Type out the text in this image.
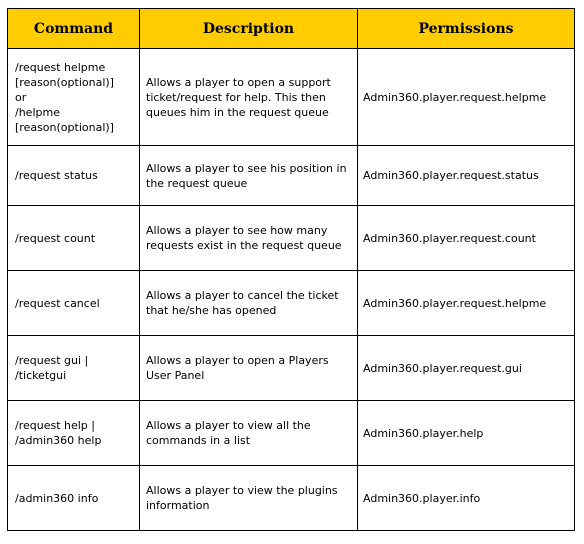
Command	Description	Permissions
/request helpme
[reason(optional)]
or
/helpme
[reason(optional)]	Allows a player to open a support
ticket/request for help. This then
queues him in the request queue	Admin360.player.request.helpme
/request status	Allows a player to see his position in
the request queue	Admin360.player.request.status
/request count	Allows a player to see how many
requests exist in the request queue	Admin360.player.request.count
/request cancel	Allows a player to cancel the ticket
that he/she has opened	Admin360.player.request.helpme
/request gui |
/ticketgui	Allows a player to open a Players
User Panel	Admin360.player.request.gui
/request help |
/admin360 help	Allows a player to view all the
commands in a list	Admin360.player.help
/admin360 info	Allows a player to view the plugins
information	Admin360.player.info
